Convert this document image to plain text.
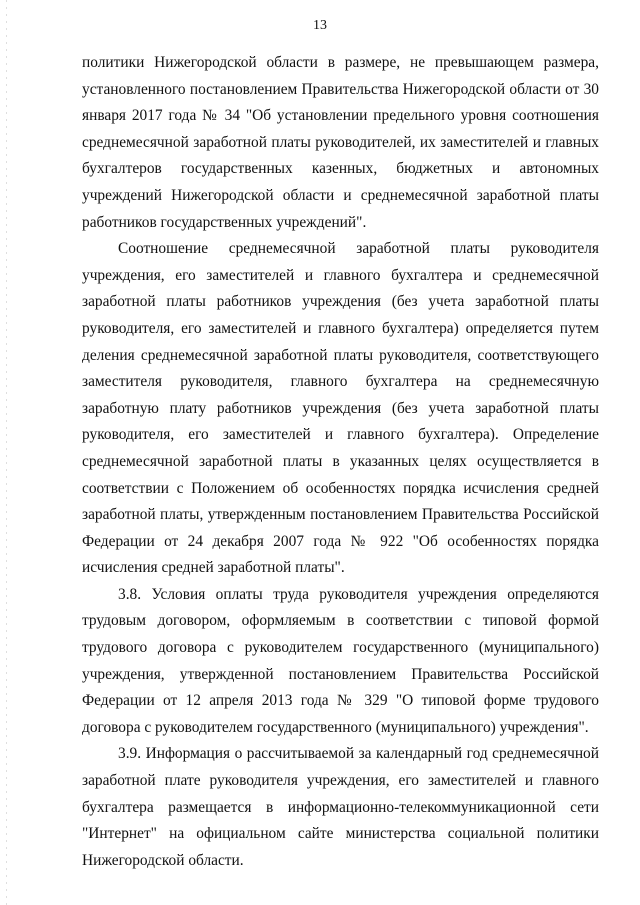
13

политики Нижегородской области в размере, не превышающем размера, установленного постановлением Правительства Нижегородской области от 30 января 2017 года № 34 "Об установлении предельного уровня соотношения среднемесячной заработной платы руководителей, их заместителей и главных бухгалтеров государственных казенных, бюджетных и автономных учреждений Нижегородской области и среднемесячной заработной платы работников государственных учреждений".

Соотношение среднемесячной заработной платы руководителя учреждения, его заместителей и главного бухгалтера и среднемесячной заработной платы работников учреждения (без учета заработной платы руководителя, его заместителей и главного бухгалтера) определяется путем деления среднемесячной заработной платы руководителя, соответствующего заместителя руководителя, главного бухгалтера на среднемесячную заработную плату работников учреждения (без учета заработной платы руководителя, его заместителей и главного бухгалтера). Определение среднемесячной заработной платы в указанных целях осуществляется в соответствии с Положением об особенностях порядка исчисления средней заработной платы, утвержденным постановлением Правительства Российской Федерации от 24 декабря 2007 года № 922 "Об особенностях порядка исчисления средней заработной платы".

3.8. Условия оплаты труда руководителя учреждения определяются трудовым договором, оформляемым в соответствии с типовой формой трудового договора с руководителем государственного (муниципального) учреждения, утвержденной постановлением Правительства Российской Федерации от 12 апреля 2013 года № 329 "О типовой форме трудового договора с руководителем государственного (муниципального) учреждения".

3.9. Информация о рассчитываемой за календарный год среднемесячной заработной плате руководителя учреждения, его заместителей и главного бухгалтера размещается в информационно-телекоммуникационной сети "Интернет" на официальном сайте министерства социальной политики Нижегородской области.
